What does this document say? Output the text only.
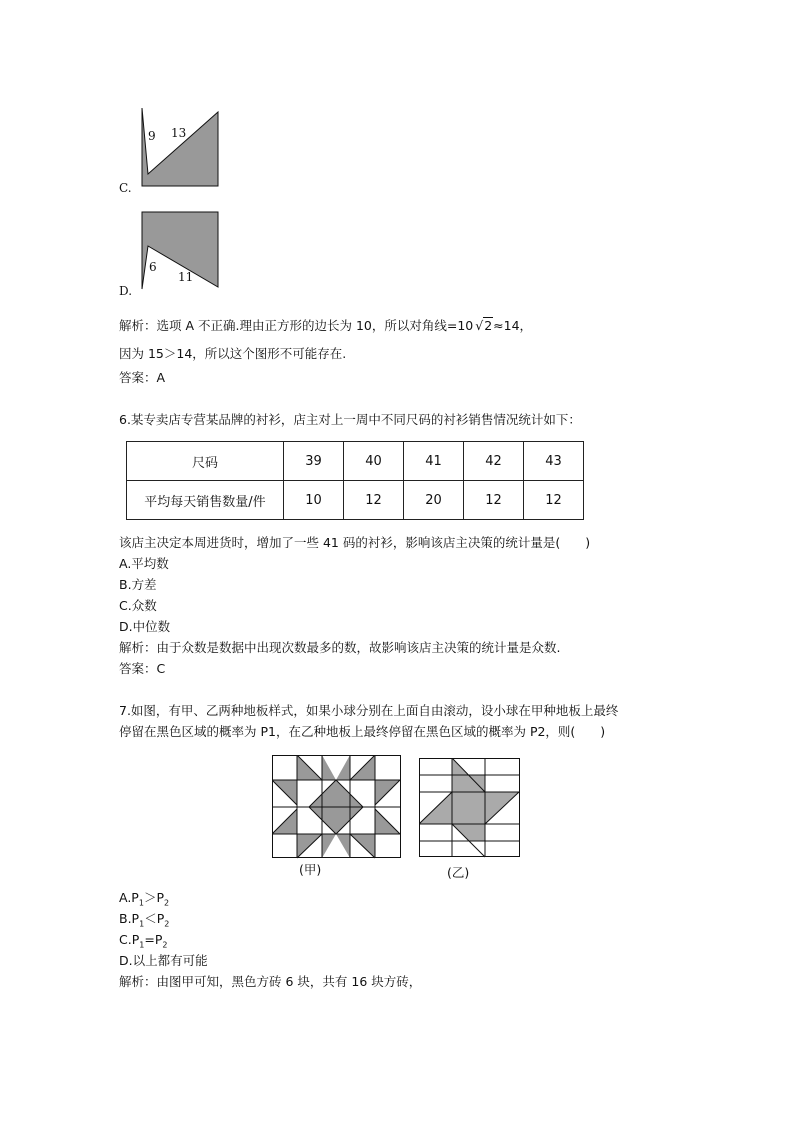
9 13
C.
6
11
D.
解析：选项 A 不正确.理由正方形的边长为 10，所以对角线=10 √2≈14，
因为 15＞14，所以这个图形不可能存在.
答案：A
6.某专卖店专营某品牌的衬衫，店主对上一周中不同尺码的衬衫销售情况统计如下：
尺码	39	40	41	42	43
平均每天销售数量/件	10	12	20	12	12
该店主决定本周进货时，增加了一些 41 码的衬衫，影响该店主决策的统计量是(　　)
A.平均数
B.方差
C.众数
D.中位数
解析：由于众数是数据中出现次数最多的数，故影响该店主决策的统计量是众数.
答案：C
7.如图，有甲、乙两种地板样式，如果小球分别在上面自由滚动，设小球在甲种地板上最终
停留在黑色区域的概率为 P1，在乙种地板上最终停留在黑色区域的概率为 P2，则(　　)
(甲)	(乙)
$A.P_1>P_2$
$B.P_1<P_2$
$C.P_1=P_2$
D.以上都有可能
解析：由图甲可知，黑色方砖 6 块，共有 16 块方砖，
